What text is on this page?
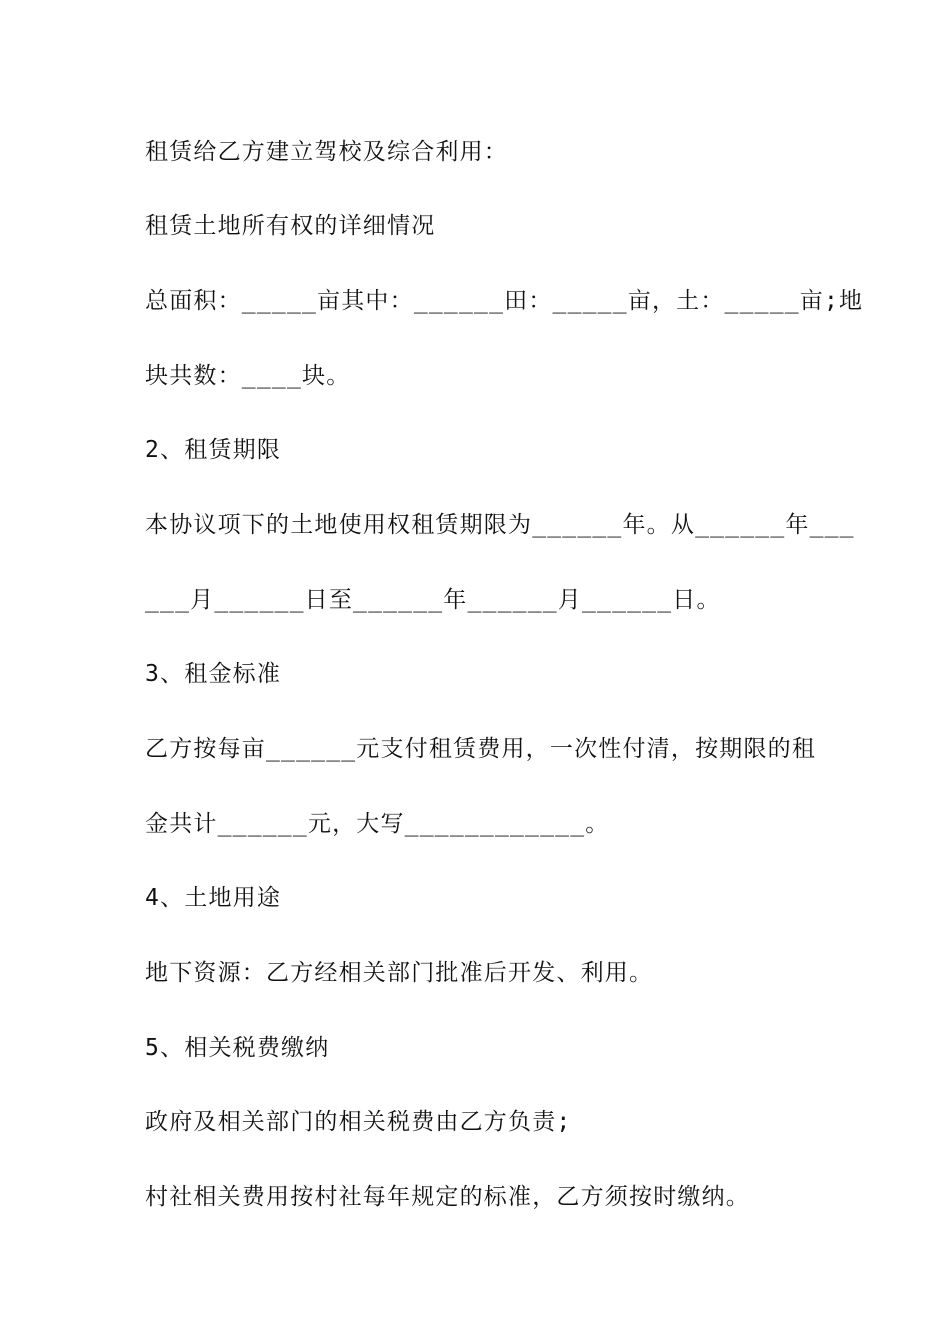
租赁给乙方建立驾校及综合利用：
租赁土地所有权的详细情况
总面积：_____亩其中：______田：_____亩，土：_____亩;地
块共数：____块。
2、租赁期限
本协议项下的土地使用权租赁期限为______年。从______年___
___月______日至______年______月______日。
3、租金标准
乙方按每亩______元支付租赁费用，一次性付清，按期限的租
金共计______元，大写____________。
4、土地用途
地下资源：乙方经相关部门批准后开发、利用。
5、相关税费缴纳
政府及相关部门的相关税费由乙方负责;
村社相关费用按村社每年规定的标准，乙方须按时缴纳。
